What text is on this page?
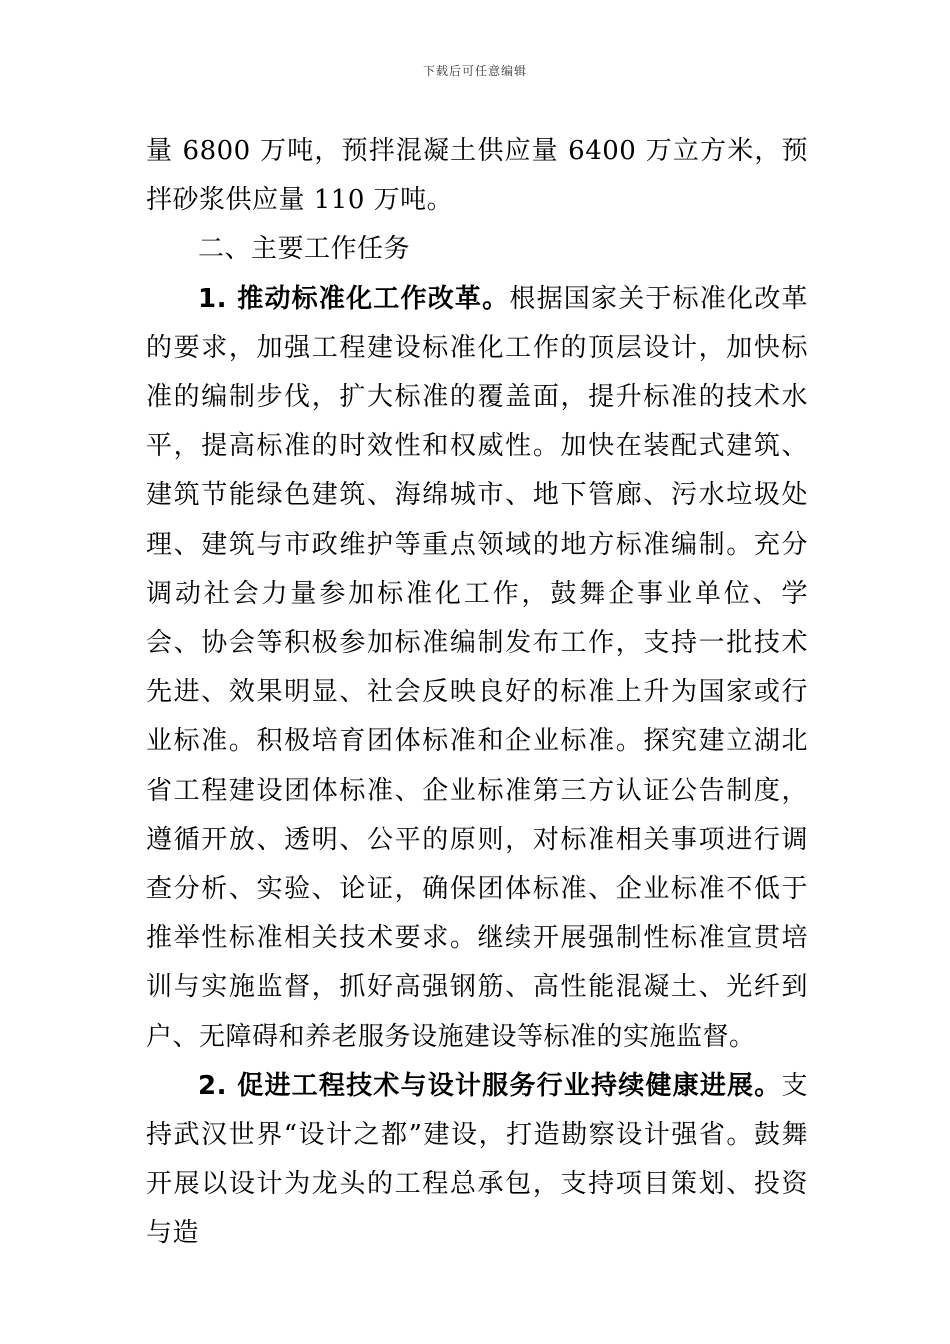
下载后可任意编辑

量 6800 万吨，预拌混凝土供应量 6400 万立方米，预拌砂浆供应量 110 万吨。

二、主要工作任务

1. 推动标准化工作改革。根据国家关于标准化改革的要求，加强工程建设标准化工作的顶层设计，加快标准的编制步伐，扩大标准的覆盖面，提升标准的技术水平，提高标准的时效性和权威性。加快在装配式建筑、建筑节能绿色建筑、海绵城市、地下管廊、污水垃圾处理、建筑与市政维护等重点领域的地方标准编制。充分调动社会力量参加标准化工作，鼓舞企事业单位、学会、协会等积极参加标准编制发布工作，支持一批技术先进、效果明显、社会反映良好的标准上升为国家或行业标准。积极培育团体标准和企业标准。探究建立湖北省工程建设团体标准、企业标准第三方认证公告制度，遵循开放、透明、公平的原则，对标准相关事项进行调查分析、实验、论证，确保团体标准、企业标准不低于推举性标准相关技术要求。继续开展强制性标准宣贯培训与实施监督，抓好高强钢筋、高性能混凝土、光纤到户、无障碍和养老服务设施建设等标准的实施监督。

2. 促进工程技术与设计服务行业持续健康进展。支持武汉世界“设计之都”建设，打造勘察设计强省。鼓舞开展以设计为龙头的工程总承包，支持项目策划、投资与造
